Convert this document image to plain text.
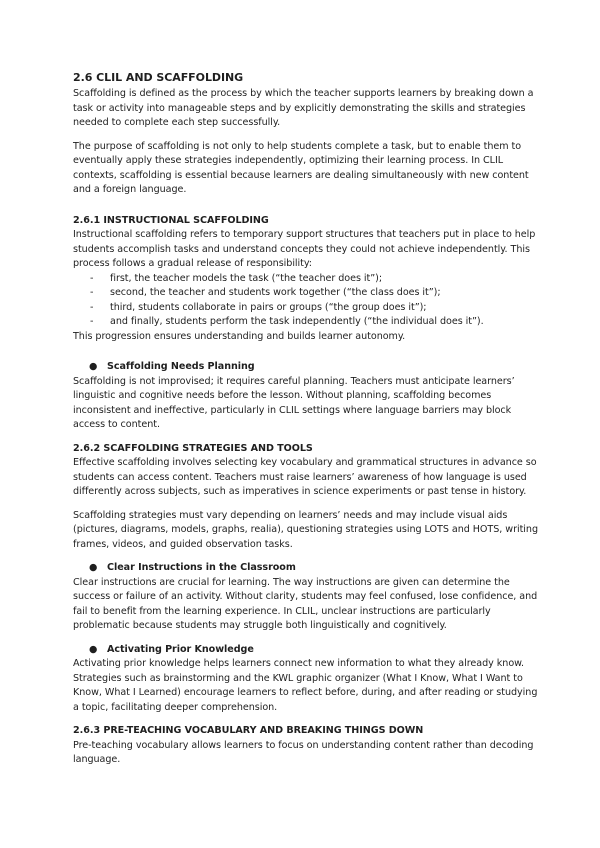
2.6 CLIL AND SCAFFOLDING

Scaffolding is defined as the process by which the teacher supports learners by breaking down a task or activity into manageable steps and by explicitly demonstrating the skills and strategies needed to complete each step successfully.

The purpose of scaffolding is not only to help students complete a task, but to enable them to eventually apply these strategies independently, optimizing their learning process. In CLIL contexts, scaffolding is essential because learners are dealing simultaneously with new content and a foreign language.

2.6.1 INSTRUCTIONAL SCAFFOLDING

Instructional scaffolding refers to temporary support structures that teachers put in place to help students accomplish tasks and understand concepts they could not achieve independently. This process follows a gradual release of responsibility:

- first, the teacher models the task (“the teacher does it”);
- second, the teacher and students work together (“the class does it”);
- third, students collaborate in pairs or groups (“the group does it”);
- and finally, students perform the task independently (“the individual does it”).

This progression ensures understanding and builds learner autonomy.

● Scaffolding Needs Planning

Scaffolding is not improvised; it requires careful planning. Teachers must anticipate learners’ linguistic and cognitive needs before the lesson. Without planning, scaffolding becomes inconsistent and ineffective, particularly in CLIL settings where language barriers may block access to content.

2.6.2 SCAFFOLDING STRATEGIES AND TOOLS

Effective scaffolding involves selecting key vocabulary and grammatical structures in advance so students can access content. Teachers must raise learners’ awareness of how language is used differently across subjects, such as imperatives in science experiments or past tense in history.

Scaffolding strategies must vary depending on learners’ needs and may include visual aids (pictures, diagrams, models, graphs, realia), questioning strategies using LOTS and HOTS, writing frames, videos, and guided observation tasks.

● Clear Instructions in the Classroom

Clear instructions are crucial for learning. The way instructions are given can determine the success or failure of an activity. Without clarity, students may feel confused, lose confidence, and fail to benefit from the learning experience. In CLIL, unclear instructions are particularly problematic because students may struggle both linguistically and cognitively.

● Activating Prior Knowledge

Activating prior knowledge helps learners connect new information to what they already know. Strategies such as brainstorming and the KWL graphic organizer (What I Know, What I Want to Know, What I Learned) encourage learners to reflect before, during, and after reading or studying a topic, facilitating deeper comprehension.

2.6.3 PRE-TEACHING VOCABULARY AND BREAKING THINGS DOWN

Pre-teaching vocabulary allows learners to focus on understanding content rather than decoding language.
